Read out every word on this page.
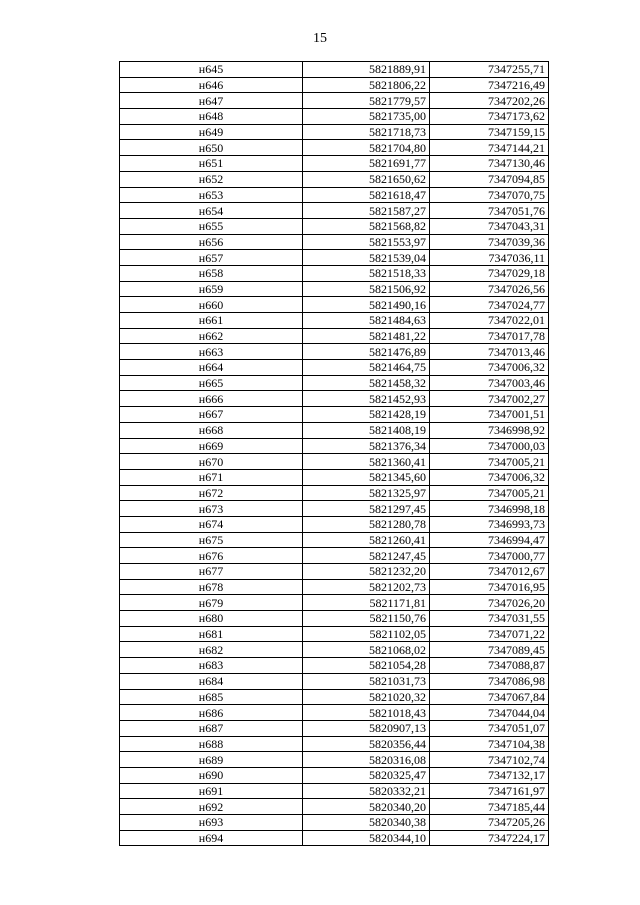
15
н645	5821889,91	7347255,71
н646	5821806,22	7347216,49
н647	5821779,57	7347202,26
н648	5821735,00	7347173,62
н649	5821718,73	7347159,15
н650	5821704,80	7347144,21
н651	5821691,77	7347130,46
н652	5821650,62	7347094,85
н653	5821618,47	7347070,75
н654	5821587,27	7347051,76
н655	5821568,82	7347043,31
н656	5821553,97	7347039,36
н657	5821539,04	7347036,11
н658	5821518,33	7347029,18
н659	5821506,92	7347026,56
н660	5821490,16	7347024,77
н661	5821484,63	7347022,01
н662	5821481,22	7347017,78
н663	5821476,89	7347013,46
н664	5821464,75	7347006,32
н665	5821458,32	7347003,46
н666	5821452,93	7347002,27
н667	5821428,19	7347001,51
н668	5821408,19	7346998,92
н669	5821376,34	7347000,03
н670	5821360,41	7347005,21
н671	5821345,60	7347006,32
н672	5821325,97	7347005,21
н673	5821297,45	7346998,18
н674	5821280,78	7346993,73
н675	5821260,41	7346994,47
н676	5821247,45	7347000,77
н677	5821232,20	7347012,67
н678	5821202,73	7347016,95
н679	5821171,81	7347026,20
н680	5821150,76	7347031,55
н681	5821102,05	7347071,22
н682	5821068,02	7347089,45
н683	5821054,28	7347088,87
н684	5821031,73	7347086,98
н685	5821020,32	7347067,84
н686	5821018,43	7347044,04
н687	5820907,13	7347051,07
н688	5820356,44	7347104,38
н689	5820316,08	7347102,74
н690	5820325,47	7347132,17
н691	5820332,21	7347161,97
н692	5820340,20	7347185,44
н693	5820340,38	7347205,26
н694	5820344,10	7347224,17
